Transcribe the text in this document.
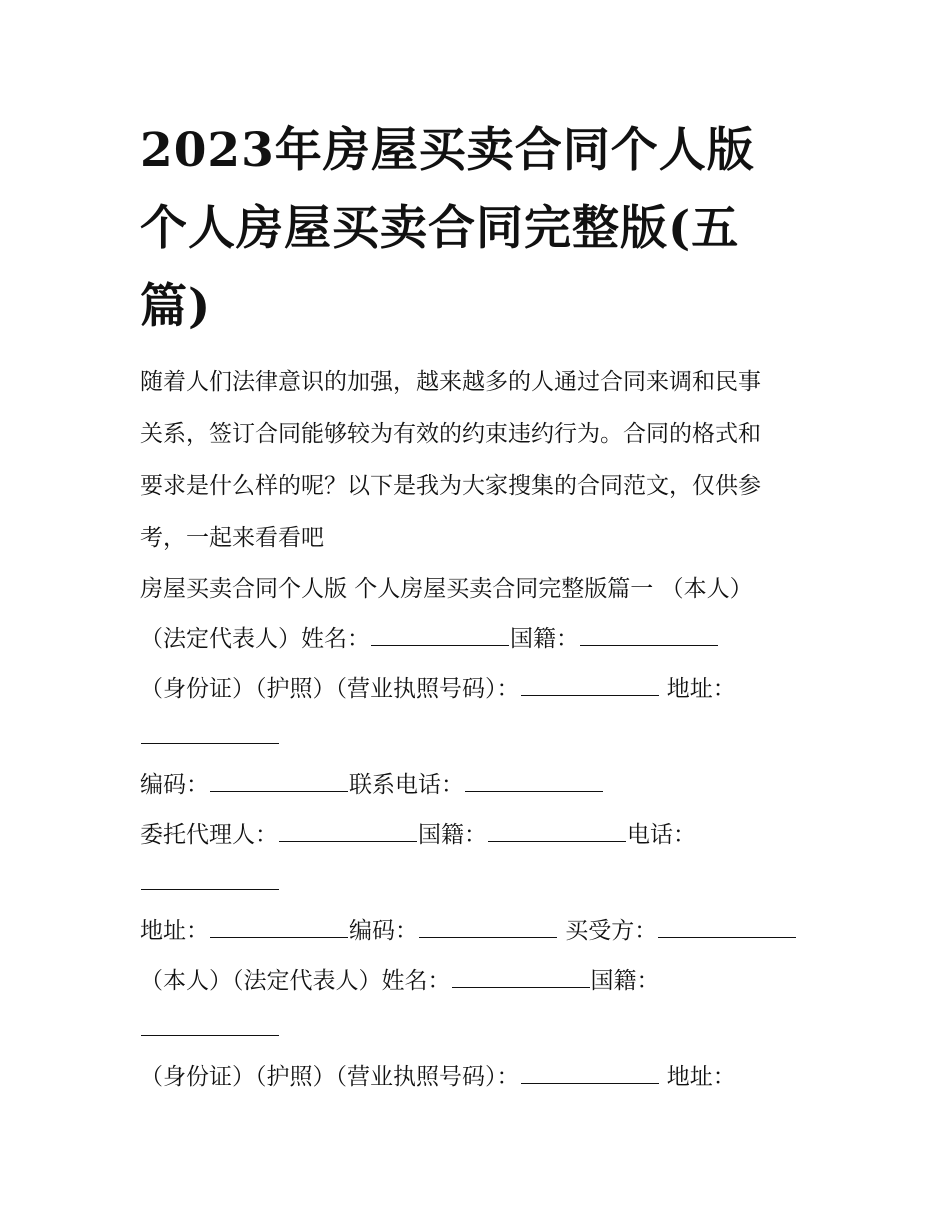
2023年房屋买卖合同个人版
个人房屋买卖合同完整版(五
篇)
随着人们法律意识的加强，越来越多的人通过合同来调和民事
关系，签订合同能够较为有效的约束违约行为。合同的格式和
要求是什么样的呢？以下是我为大家搜集的合同范文，仅供参
考，一起来看看吧
房屋买卖合同个人版 个人房屋买卖合同完整版篇一 （本人）
（法定代表人）姓名：	国籍：
（身份证）（护照）（营业执照号码）：	地址：
编码：	联系电话：
委托代理人：	国籍：	电话：
地址：	编码：	买受方：
（本人）（法定代表人）姓名：	国籍：
（身份证）（护照）（营业执照号码）：	地址：
